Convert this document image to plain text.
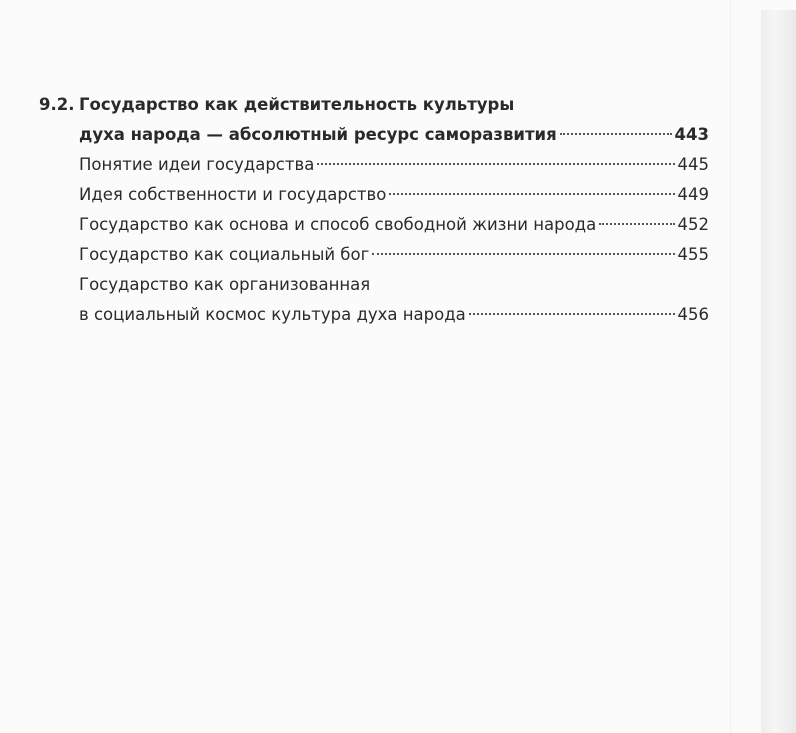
9.2. Государство как действительность культуры
духа народа — абсолютный ресурс саморазвития	443
Понятие идеи государства	445
Идея собственности и государство	449
Государство как основа и способ свободной жизни народа	452
Государство как социальный бог	455
Государство как организованная
в социальный космос культура духа народа	456
